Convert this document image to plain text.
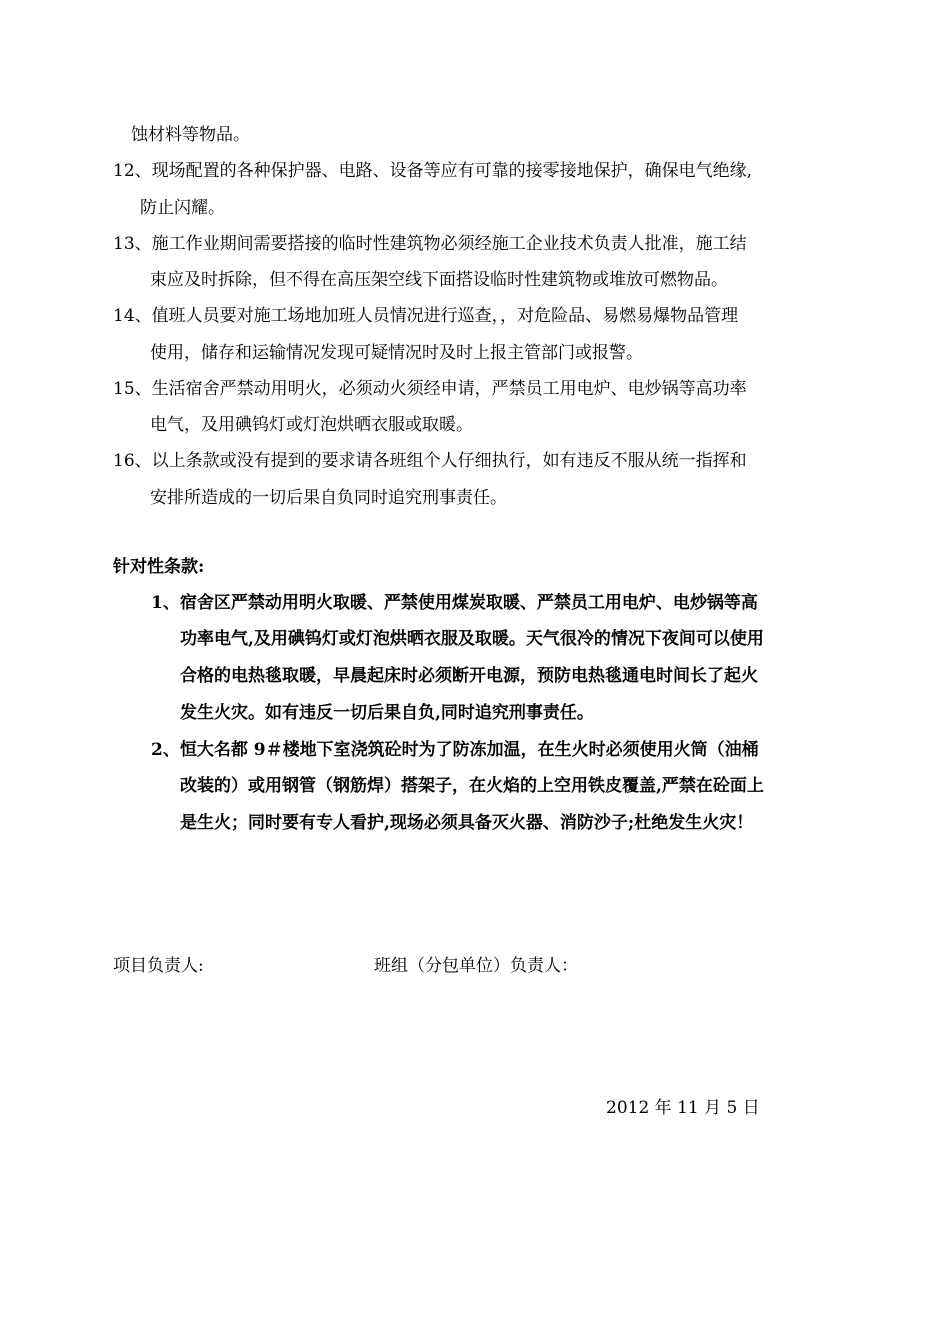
蚀材料等物品。
12、现场配置的各种保护器、电路、设备等应有可靠的接零接地保护，确保电气绝缘,
防止闪耀。
13、施工作业期间需要搭接的临时性建筑物必须经施工企业技术负责人批准，施工结
束应及时拆除，但不得在高压架空线下面搭设临时性建筑物或堆放可燃物品。
14、值班人员要对施工场地加班人员情况进行巡查，，对危险品、易燃易爆物品管理
使用，储存和运输情况发现可疑情况时及时上报主管部门或报警。
15、生活宿舍严禁动用明火，必须动火须经申请，严禁员工用电炉、电炒锅等高功率
电气，及用碘钨灯或灯泡烘晒衣服或取暖。
16、以上条款或没有提到的要求请各班组个人仔细执行，如有违反不服从统一指挥和
安排所造成的一切后果自负同时追究刑事责任。
针对性条款:
1、宿舍区严禁动用明火取暖、严禁使用煤炭取暖、严禁员工用电炉、电炒锅等高
功率电气,及用碘钨灯或灯泡烘晒衣服及取暖。天气很冷的情况下夜间可以使用
合格的电热毯取暖，早晨起床时必须断开电源，预防电热毯通电时间长了起火
发生火灾。如有违反一切后果自负,同时追究刑事责任。
2、恒大名都 9＃楼地下室浇筑砼时为了防冻加温，在生火时必须使用火筒（油桶
改装的）或用钢管（钢筋焊）搭架子，在火焰的上空用铁皮覆盖,严禁在砼面上
是生火；同时要有专人看护,现场必须具备灭火器、消防沙子;杜绝发生火灾！
项目负责人:	班组（分包单位）负责人：
2012 年 11 月 5 日
